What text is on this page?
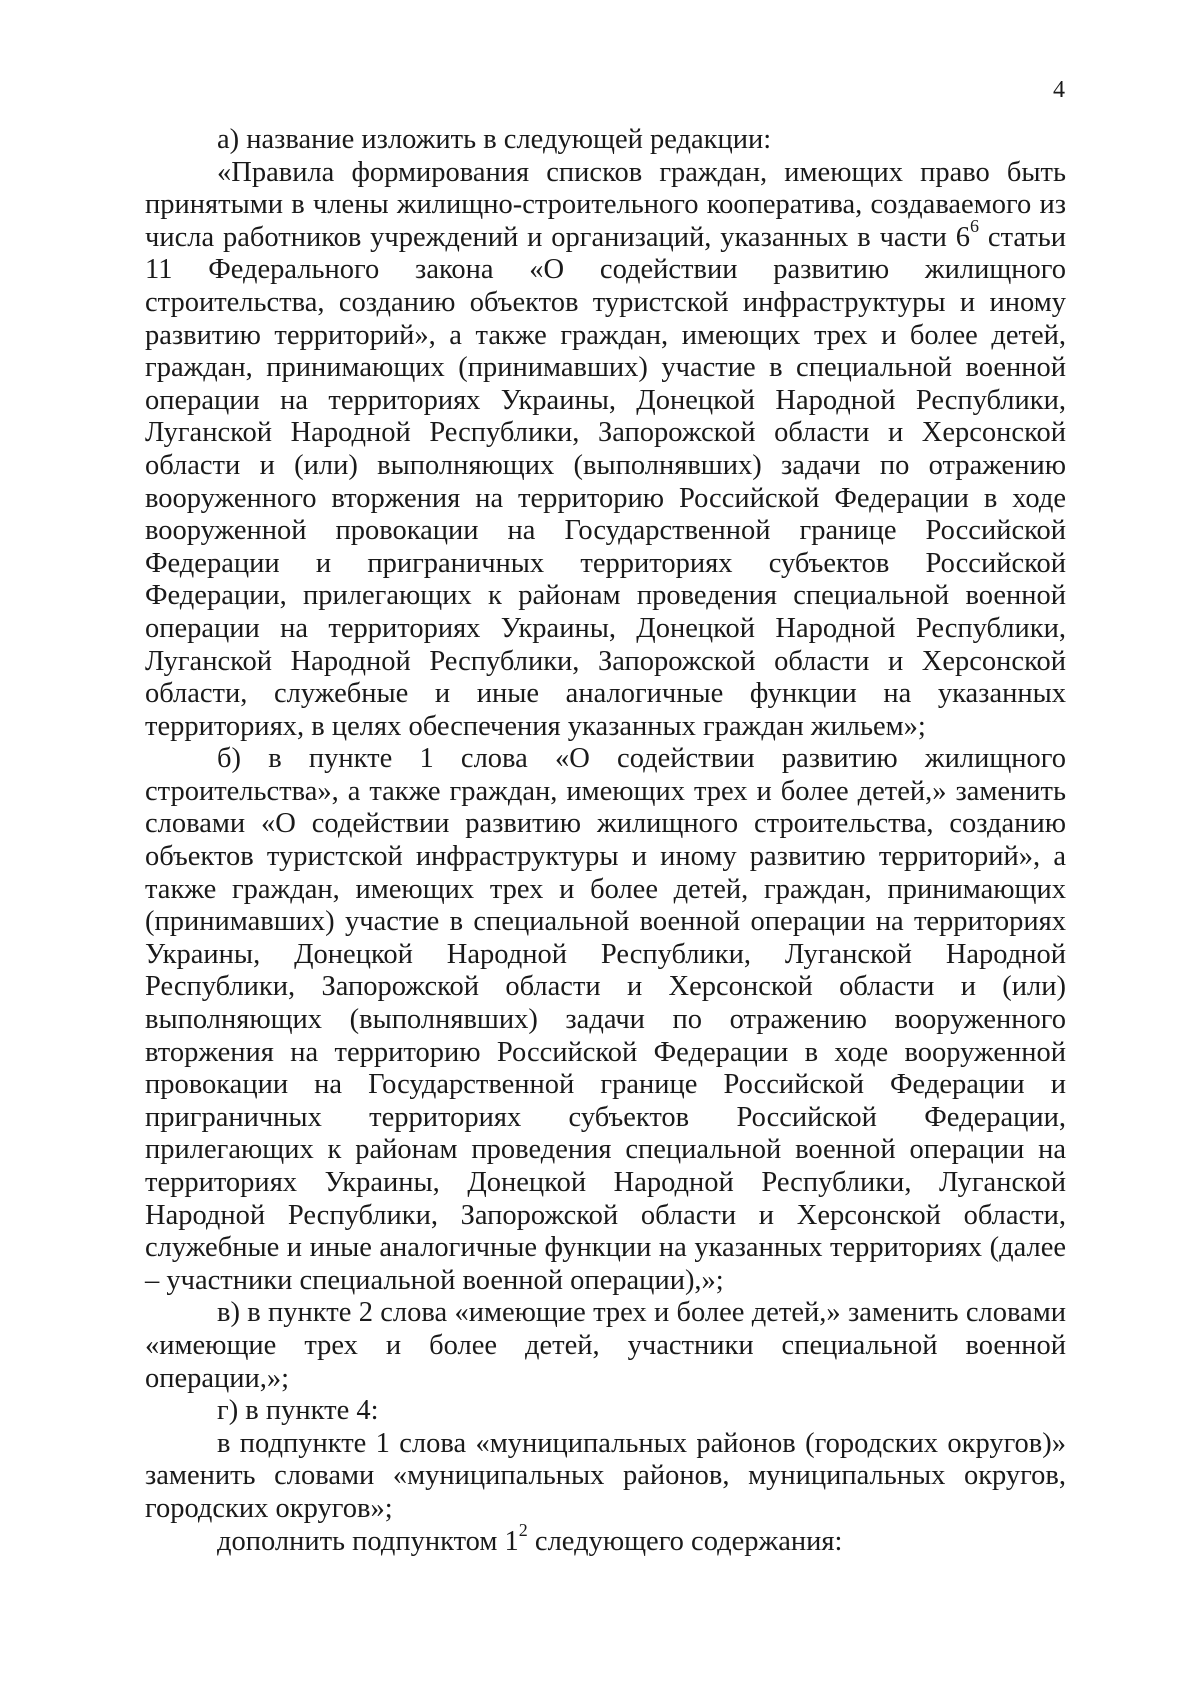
4

а) название изложить в следующей редакции:

«Правила формирования списков граждан, имеющих право быть принятыми в члены жилищно-строительного кооператива, создаваемого из числа работников учреждений и организаций, указанных в части $6^6$ статьи 11 Федерального закона «О содействии развитию жилищного строительства, созданию объектов туристской инфраструктуры и иному развитию территорий», а также граждан, имеющих трех и более детей, граждан, принимающих (принимавших) участие в специальной военной операции на территориях Украины, Донецкой Народной Республики, Луганской Народной Республики, Запорожской области и Херсонской области и (или) выполняющих (выполнявших) задачи по отражению вооруженного вторжения на территорию Российской Федерации в ходе вооруженной провокации на Государственной границе Российской Федерации и приграничных территориях субъектов Российской Федерации, прилегающих к районам проведения специальной военной операции на территориях Украины, Донецкой Народной Республики, Луганской Народной Республики, Запорожской области и Херсонской области, служебные и иные аналогичные функции на указанных территориях, в целях обеспечения указанных граждан жильем»;

б) в пункте 1 слова «О содействии развитию жилищного строительства», а также граждан, имеющих трех и более детей,» заменить словами «О содействии развитию жилищного строительства, созданию объектов туристской инфраструктуры и иному развитию территорий», а также граждан, имеющих трех и более детей, граждан, принимающих (принимавших) участие в специальной военной операции на территориях Украины, Донецкой Народной Республики, Луганской Народной Республики, Запорожской области и Херсонской области и (или) выполняющих (выполнявших) задачи по отражению вооруженного вторжения на территорию Российской Федерации в ходе вооруженной провокации на Государственной границе Российской Федерации и приграничных территориях субъектов Российской Федерации, прилегающих к районам проведения специальной военной операции на территориях Украины, Донецкой Народной Республики, Луганской Народной Республики, Запорожской области и Херсонской области, служебные и иные аналогичные функции на указанных территориях (далее – участники специальной военной операции),»;

в) в пункте 2 слова «имеющие трех и более детей,» заменить словами «имеющие трех и более детей, участники специальной военной операции,»;

г) в пункте 4:

в подпункте 1 слова «муниципальных районов (городских округов)» заменить словами «муниципальных районов, муниципальных округов, городских округов»;

дополнить подпунктом $1^2$ следующего содержания:
